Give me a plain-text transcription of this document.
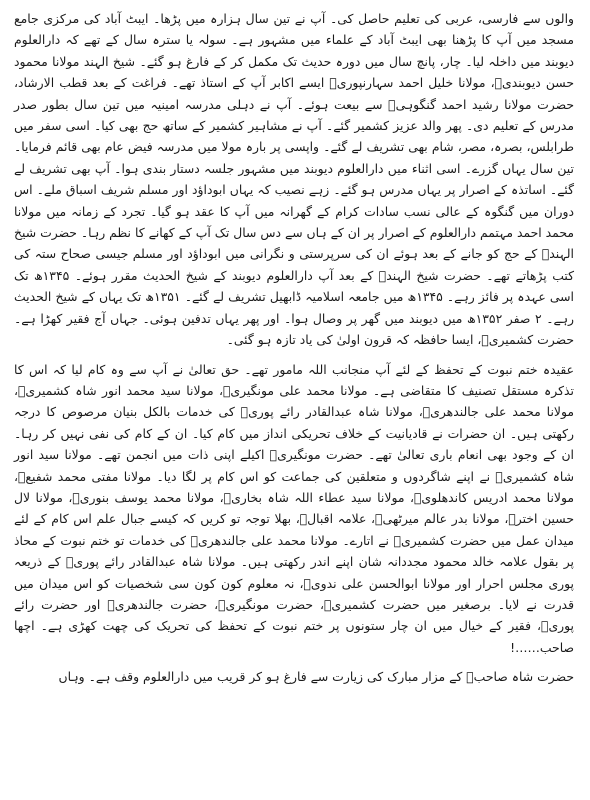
والوں سے فارسی، عربی کی تعلیم حاصل کی۔ آپ نے تین سال ہزارہ میں پڑھا۔ ایبٹ آباد کی مرکزی جامع مسجد میں آپ کا پڑھنا بھی ایبٹ آباد کے علماء میں مشہور ہے۔ سولہ یا سترہ سال کے تھے کہ دارالعلوم دیوبند میں داخلہ لیا۔ چار، پانچ سال میں دورہ حدیث تک مکمل کر کے فارغ ہو گئے۔ شیخ الہند مولانا محمود حسن دیوبندیؒ، مولانا خلیل احمد سہارنپوریؒ ایسے اکابر آپ کے استاذ تھے۔ فراغت کے بعد قطب الارشاد، حضرت مولانا رشید احمد گنگوہیؒ سے بیعت ہوئے۔ آپ نے دہلی مدرسہ امینیہ میں تین سال بطور صدر مدرس کے تعلیم دی۔ پھر والد عزیز کشمیر گئے۔ آپ نے مشاہیر کشمیر کے ساتھ حج بھی کیا۔ اسی سفر میں طرابلس، بصرہ، مصر، شام بھی تشریف لے گئے۔ واپسی پر بارہ مولا میں مدرسہ فیض عام بھی قائم فرمایا۔ تین سال یہاں گزرے۔ اسی اثناء میں دارالعلوم دیوبند میں مشہور جلسہ دستار بندی ہوا۔ آپ بھی تشریف لے گئے۔ اساتذہ کے اصرار پر یہاں مدرس ہو گئے۔ زہے نصیب کہ یہاں ابوداؤد اور مسلم شریف اسباق ملے۔ اس دوران میں گنگوہ کے عالی نسب سادات کرام کے گھرانہ میں آپ کا عقد ہو گیا۔ تجرد کے زمانہ میں مولانا محمد احمد مہتمم دارالعلوم کے اصرار پر ان کے ہاں سے دس سال تک آپ کے کھانے کا نظم رہا۔ حضرت شیخ الہندؒ کے حج کو جانے کے بعد ہوئے ان کی سرپرستی و نگرانی میں ابوداؤد اور مسلم جیسی صحاح ستہ کی کتب پڑھاتے تھے۔ حضرت شیخ الہندؒ کے بعد آپ دارالعلوم دیوبند کے شیخ الحدیث مقرر ہوئے۔ ۱۳۴۵ھ تک اسی عہدہ پر فائز رہے۔ ۱۳۴۵ھ میں جامعہ اسلامیہ ڈابھیل تشریف لے گئے۔ ۱۳۵۱ھ تک یہاں کے شیخ الحدیث رہے۔ ۲ صفر ۱۳۵۲ھ میں دیوبند میں گھر پر وصال ہوا۔ اور پھر یہاں تدفین ہوئی۔ جہاں آج فقیر کھڑا ہے۔ حضرت کشمیریؒ، ایسا حافظہ کہ قرون اولیٰ کی یاد تازہ ہو گئی۔

عقیدہ ختم نبوت کے تحفظ کے لئے آپ منجانب اللہ مامور تھے۔ حق تعالیٰ نے آپ سے وہ کام لیا کہ اس کا تذکرہ مستقل تصنیف کا متقاضی ہے۔ مولانا محمد علی مونگیریؒ، مولانا سید محمد انور شاہ کشمیریؒ، مولانا محمد علی جالندھریؒ، مولانا شاہ عبدالقادر رائے پوریؒ کی خدمات بالکل بنیان مرصوص کا درجہ رکھتی ہیں۔ ان حضرات نے قادیانیت کے خلاف تحریکی انداز میں کام کیا۔ ان کے کام کی نفی نہیں کر رہا۔ ان کے وجود بھی انعام باری تعالیٰ تھے۔ حضرت مونگیریؒ اکیلے اپنی ذات میں انجمن تھے۔ مولانا سید انور شاہ کشمیریؒ نے اپنے شاگردوں و متعلقین کی جماعت کو اس کام پر لگا دیا۔ مولانا مفتی محمد شفیعؒ، مولانا محمد ادریس کاندھلویؒ، مولانا سید عطاء اللہ شاہ بخاریؒ، مولانا محمد یوسف بنوریؒ، مولانا لال حسین اخترؒ، مولانا بدر عالم میرٹھیؒ، علامہ اقبالؒ، بھلا توجہ تو کریں کہ کیسے جبال علم اس کام کے لئے میدان عمل میں حضرت کشمیریؒ نے اتارے۔ مولانا محمد علی جالندھریؒ کی خدمات تو ختم نبوت کے محاذ پر بقول علامہ خالد محمود مجددانہ شان اپنے اندر رکھتی ہیں۔ مولانا شاہ عبدالقادر رائے پوریؒ کے ذریعہ پوری مجلس احرار اور مولانا ابوالحسن علی ندویؒ، نہ معلوم کون کون سی شخصیات کو اس میدان میں قدرت نے لایا۔ برصغیر میں حضرت کشمیریؒ، حضرت مونگیریؒ، حضرت جالندھریؒ اور حضرت رائے پوریؒ، فقیر کے خیال میں ان چار ستونوں پر ختم نبوت کے تحفظ کی تحریک کی چھت کھڑی ہے۔ اچھا صاحب……!

حضرت شاہ صاحبؒ کے مزار مبارک کی زیارت سے فارغ ہو کر قریب میں دارالعلوم وقف ہے۔ وہاں
